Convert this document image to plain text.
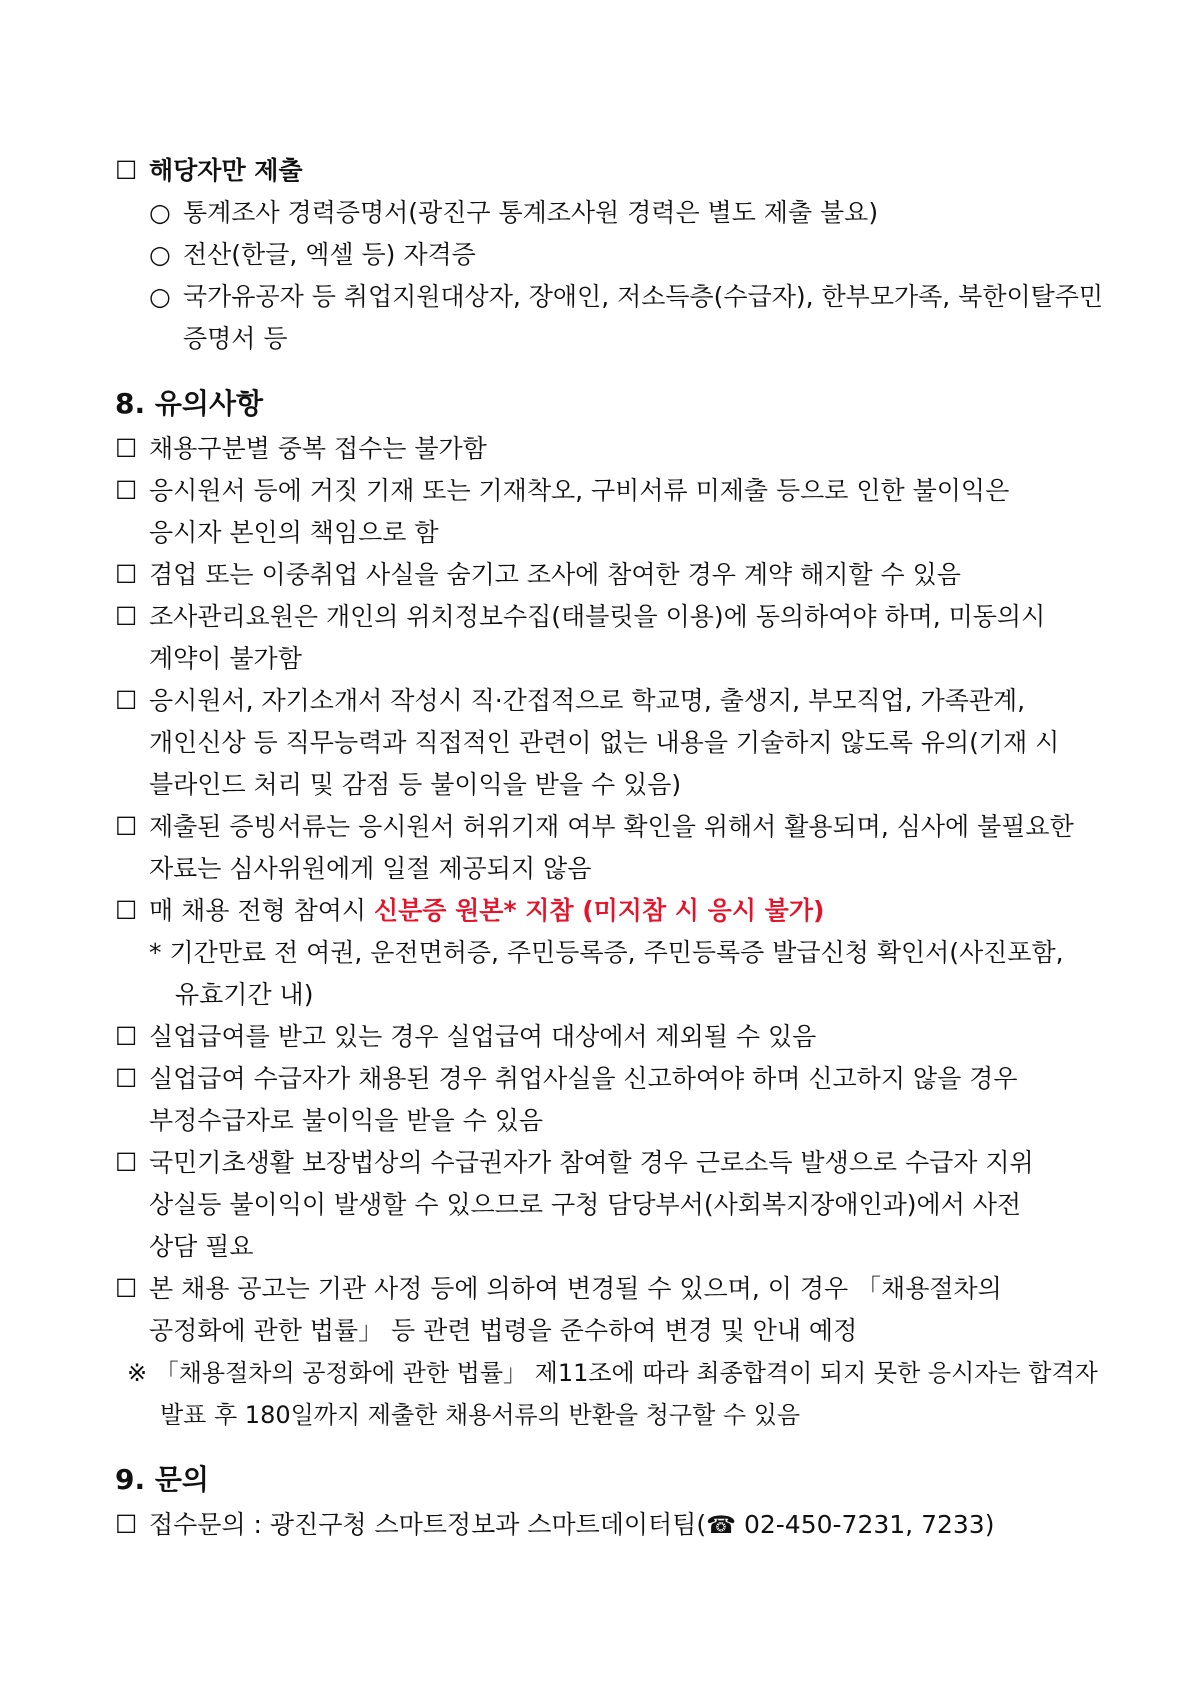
☐ 해당자만 제출
○ 통계조사 경력증명서(광진구 통계조사원 경력은 별도 제출 불요)
○ 전산(한글, 엑셀 등) 자격증
○ 국가유공자 등 취업지원대상자, 장애인, 저소득층(수급자), 한부모가족, 북한이탈주민
증명서 등
8. 유의사항
☐ 채용구분별 중복 접수는 불가함
☐ 응시원서 등에 거짓 기재 또는 기재착오, 구비서류 미제출 등으로 인한 불이익은
응시자 본인의 책임으로 함
☐ 겸업 또는 이중취업 사실을 숨기고 조사에 참여한 경우 계약 해지할 수 있음
☐ 조사관리요원은 개인의 위치정보수집(태블릿을 이용)에 동의하여야 하며, 미동의시
계약이 불가함
☐ 응시원서, 자기소개서 작성시 직·간접적으로 학교명, 출생지, 부모직업, 가족관계,
개인신상 등 직무능력과 직접적인 관련이 없는 내용을 기술하지 않도록 유의(기재 시
블라인드 처리 및 감점 등 불이익을 받을 수 있음)
☐ 제출된 증빙서류는 응시원서 허위기재 여부 확인을 위해서 활용되며, 심사에 불필요한
자료는 심사위원에게 일절 제공되지 않음
☐ 매 채용 전형 참여시 신분증 원본* 지참 (미지참 시 응시 불가)
* 기간만료 전 여권, 운전면허증, 주민등록증, 주민등록증 발급신청 확인서(사진포함,
유효기간 내)
☐ 실업급여를 받고 있는 경우 실업급여 대상에서 제외될 수 있음
☐ 실업급여 수급자가 채용된 경우 취업사실을 신고하여야 하며 신고하지 않을 경우
부정수급자로 불이익을 받을 수 있음
☐ 국민기초생활 보장법상의 수급권자가 참여할 경우 근로소득 발생으로 수급자 지위
상실등 불이익이 발생할 수 있으므로 구청 담당부서(사회복지장애인과)에서 사전
상담 필요
☐ 본 채용 공고는 기관 사정 등에 의하여 변경될 수 있으며, 이 경우 「채용절차의
공정화에 관한 법률」 등 관련 법령을 준수하여 변경 및 안내 예정
※ 「채용절차의 공정화에 관한 법률」 제11조에 따라 최종합격이 되지 못한 응시자는 합격자
발표 후 180일까지 제출한 채용서류의 반환을 청구할 수 있음
9. 문의
☐ 접수문의 : 광진구청 스마트정보과 스마트데이터팀(☎ 02-450-7231, 7233)
